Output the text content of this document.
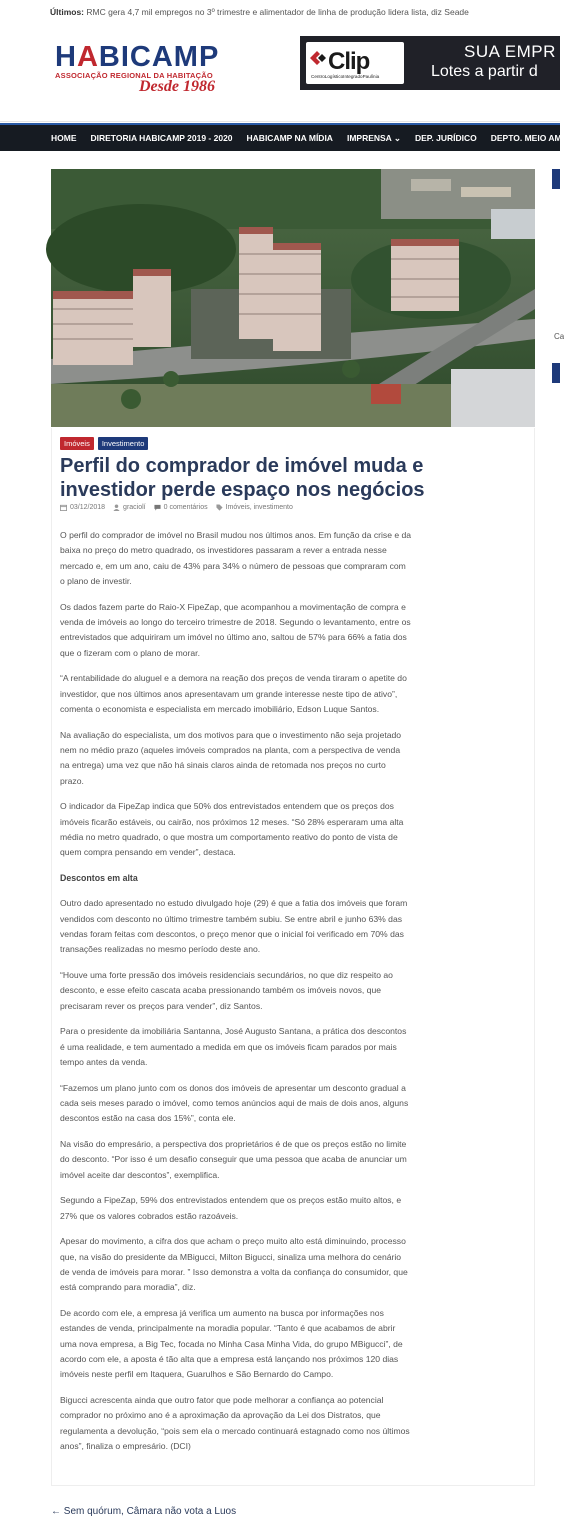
Últimos: RMC gera 4,7 mil empregos no 3º trimestre e alimentador de linha de produção lidera lista, diz Seade
HABICAMP
ASSOCIAÇÃO REGIONAL DA HABITAÇÃO
Desde 1986
Clip
CentroLogísticoIntegradoPaulínia
SUA EMPR
Lotes a partir d
HOME DIRETORIA HABICAMP 2019 - 2020 HABICAMP NA MÍDIA IMPRENSA ⌄ DEP. JURÍDICO DEPTO. MEIO AM
Imóveis	Investimento
Perfil do comprador de imóvel muda e investidor perde espaço nos negócios
03/12/2018	graciolí	0 comentários	Imóveis, investimento

O perfil do comprador de imóvel no Brasil mudou nos últimos anos. Em função da crise e da baixa no preço do metro quadrado, os investidores passaram a rever a entrada nesse mercado e, em um ano, caiu de 43% para 34% o número de pessoas que compraram com o plano de investir.

Os dados fazem parte do Raio-X FipeZap, que acompanhou a movimentação de compra e venda de imóveis ao longo do terceiro trimestre de 2018. Segundo o levantamento, entre os entrevistados que adquiriram um imóvel no último ano, saltou de 57% para 66% a fatia dos que o fizeram com o plano de morar.

“A rentabilidade do aluguel e a demora na reação dos preços de venda tiraram o apetite do investidor, que nos últimos anos apresentavam um grande interesse neste tipo de ativo”, comenta o economista e especialista em mercado imobiliário, Edson Luque Santos.

Na avaliação do especialista, um dos motivos para que o investimento não seja projetado nem no médio prazo (aqueles imóveis comprados na planta, com a perspectiva de venda na entrega) uma vez que não há sinais claros ainda de retomada nos preços no curto prazo.

O indicador da FipeZap indica que 50% dos entrevistados entendem que os preços dos imóveis ficarão estáveis, ou cairão, nos próximos 12 meses. “Só 28% esperaram uma alta média no metro quadrado, o que mostra um comportamento reativo do ponto de vista de quem compra pensando em vender”, destaca.

Descontos em alta

Outro dado apresentado no estudo divulgado hoje (29) é que a fatia dos imóveis que foram vendidos com desconto no último trimestre também subiu. Se entre abril e junho 63% das vendas foram feitas com descontos, o preço menor que o inicial foi verificado em 70% das transações realizadas no mesmo período deste ano.

“Houve uma forte pressão dos imóveis residenciais secundários, no que diz respeito ao desconto, e esse efeito cascata acaba pressionando também os imóveis novos, que precisaram rever os preços para vender”, diz Santos.

Para o presidente da imobiliária Santanna, José Augusto Santana, a prática dos descontos é uma realidade, e tem aumentado a medida em que os imóveis ficam parados por mais tempo antes da venda.

“Fazemos um plano junto com os donos dos imóveis de apresentar um desconto gradual a cada seis meses parado o imóvel, como temos anúncios aqui de mais de dois anos, alguns descontos estão na casa dos 15%”, conta ele.

Na visão do empresário, a perspectiva dos proprietários é de que os preços estão no limite do desconto. “Por isso é um desafio conseguir que uma pessoa que acaba de anunciar um imóvel aceite dar descontos”, exemplifica.

Segundo a FipeZap, 59% dos entrevistados entendem que os preços estão muito altos, e 27% que os valores cobrados estão razoáveis.

Apesar do movimento, a cifra dos que acham o preço muito alto está diminuindo, processo que, na visão do presidente da MBigucci, Milton Bigucci, sinaliza uma melhora do cenário de venda de imóveis para morar. ” Isso demonstra a volta da confiança do consumidor, que está comprando para moradia”, diz.

De acordo com ele, a empresa já verifica um aumento na busca por informações nos estandes de venda, principalmente na moradia popular. “Tanto é que acabamos de abrir uma nova empresa, a Big Tec, focada no Minha Casa Minha Vida, do grupo MBigucci”, de acordo com ele, a aposta é tão alta que a empresa está lançando nos próximos 120 dias imóveis neste perfil em Itaquera, Guarulhos e São Bernardo do Campo.

Bigucci acrescenta ainda que outro fator que pode melhorar a confiança ao potencial comprador no próximo ano é a aproximação da aprovação da Lei dos Distratos, que regulamenta a devolução, “pois sem ela o mercado continuará estagnado como nos últimos anos”, finaliza o empresário. (DCI)

← Sem quórum, Câmara não vota a Luos
Ca
